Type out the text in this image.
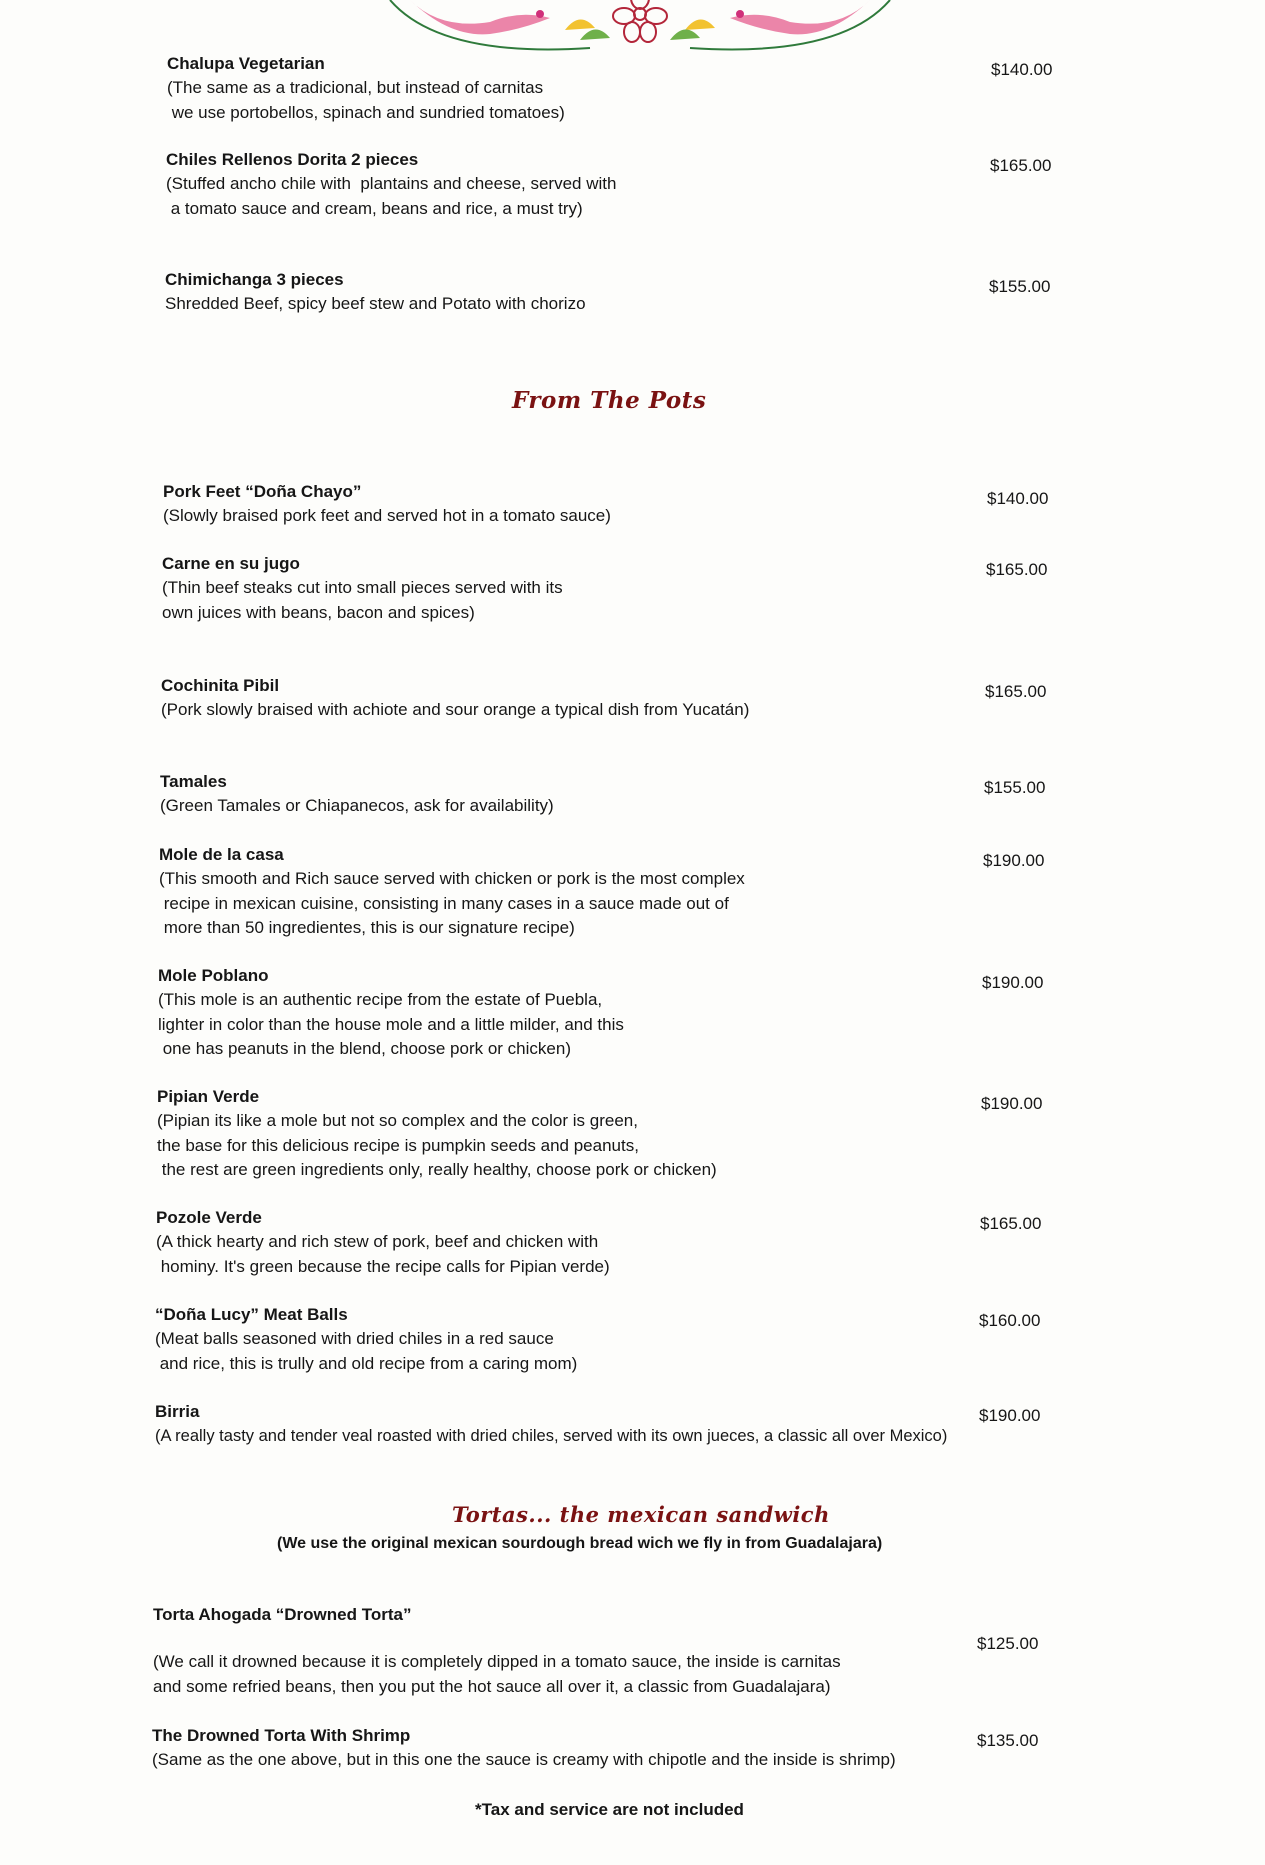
Chalupa Vegetarian
(The same as a tradicional, but instead of carnitas
we use portobellos, spinach and sundried tomatoes)
$140.00
Chiles Rellenos Dorita 2 pieces
(Stuffed ancho chile with  plantains and cheese, served with
a tomato sauce and cream, beans and rice, a must try)
$165.00
Chimichanga 3 pieces
Shredded Beef, spicy beef stew and Potato with chorizo
$155.00
From The Pots
Pork Feet “Doña Chayo”
(Slowly braised pork feet and served hot in a tomato sauce)
$140.00
Carne en su jugo
(Thin beef steaks cut into small pieces served with its
own juices with beans, bacon and spices)
$165.00
Cochinita Pibil
(Pork slowly braised with achiote and sour orange a typical dish from Yucatán)
$165.00
Tamales
(Green Tamales or Chiapanecos, ask for availability)
$155.00
Mole de la casa
(This smooth and Rich sauce served with chicken or pork is the most complex
recipe in mexican cuisine, consisting in many cases in a sauce made out of
more than 50 ingredientes, this is our signature recipe)
$190.00
Mole Poblano
(This mole is an authentic recipe from the estate of Puebla,
lighter in color than the house mole and a little milder, and this
one has peanuts in the blend, choose pork or chicken)
$190.00
Pipian Verde
(Pipian its like a mole but not so complex and the color is green,
the base for this delicious recipe is pumpkin seeds and peanuts,
the rest are green ingredients only, really healthy, choose pork or chicken)
$190.00
Pozole Verde
(A thick hearty and rich stew of pork, beef and chicken with
hominy. It's green because the recipe calls for Pipian verde)
$165.00
“Doña Lucy” Meat Balls
(Meat balls seasoned with dried chiles in a red sauce
and rice, this is trully and old recipe from a caring mom)
$160.00
Birria
(A really tasty and tender veal roasted with dried chiles, served with its own jueces, a classic all over Mexico)
$190.00
Tortas... the mexican sandwich
(We use the original mexican sourdough bread wich we fly in from Guadalajara)
Torta Ahogada “Drowned Torta”
(We call it drowned because it is completely dipped in a tomato sauce, the inside is carnitas
and some refried beans, then you put the hot sauce all over it, a classic from Guadalajara)
$125.00
The Drowned Torta With Shrimp
(Same as the one above, but in this one the sauce is creamy with chipotle and the inside is shrimp)
$135.00
*Tax and service are not included
